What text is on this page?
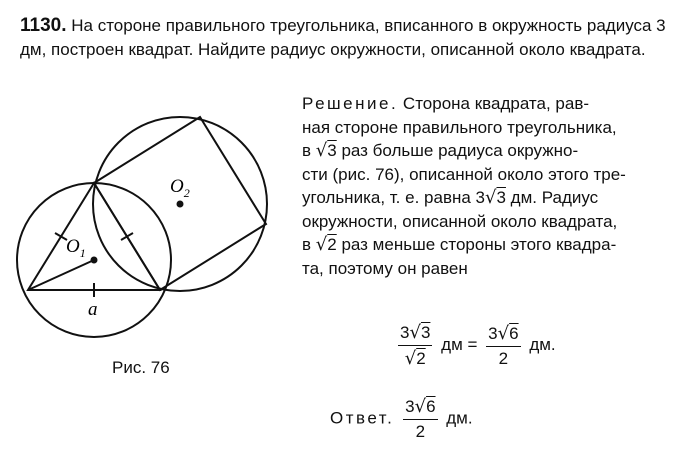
1130. На стороне правильного треугольника, вписанного в окружность радиуса 3 дм, построен квадрат. Найдите радиус окружности, описанной около квадрата.
$O_1$
$O_2$
a
Рис. 76
Решение. Сторона квадрата, рав-
ная стороне правильного треугольника,
в √3 раз больше радиуса окружно-
сти (рис. 76), описанной около этого тре-
угольника, т. е. равна 3√3 дм. Радиус
окружности, описанной около квадрата,
в √2 раз меньше стороны этого квадра-
та, поэтому он равен
$\frac{3√3}{√2}$ дм = $\frac{3√6}{2}$ дм.
Ответ. $\frac{3√6}{2}$ дм.
